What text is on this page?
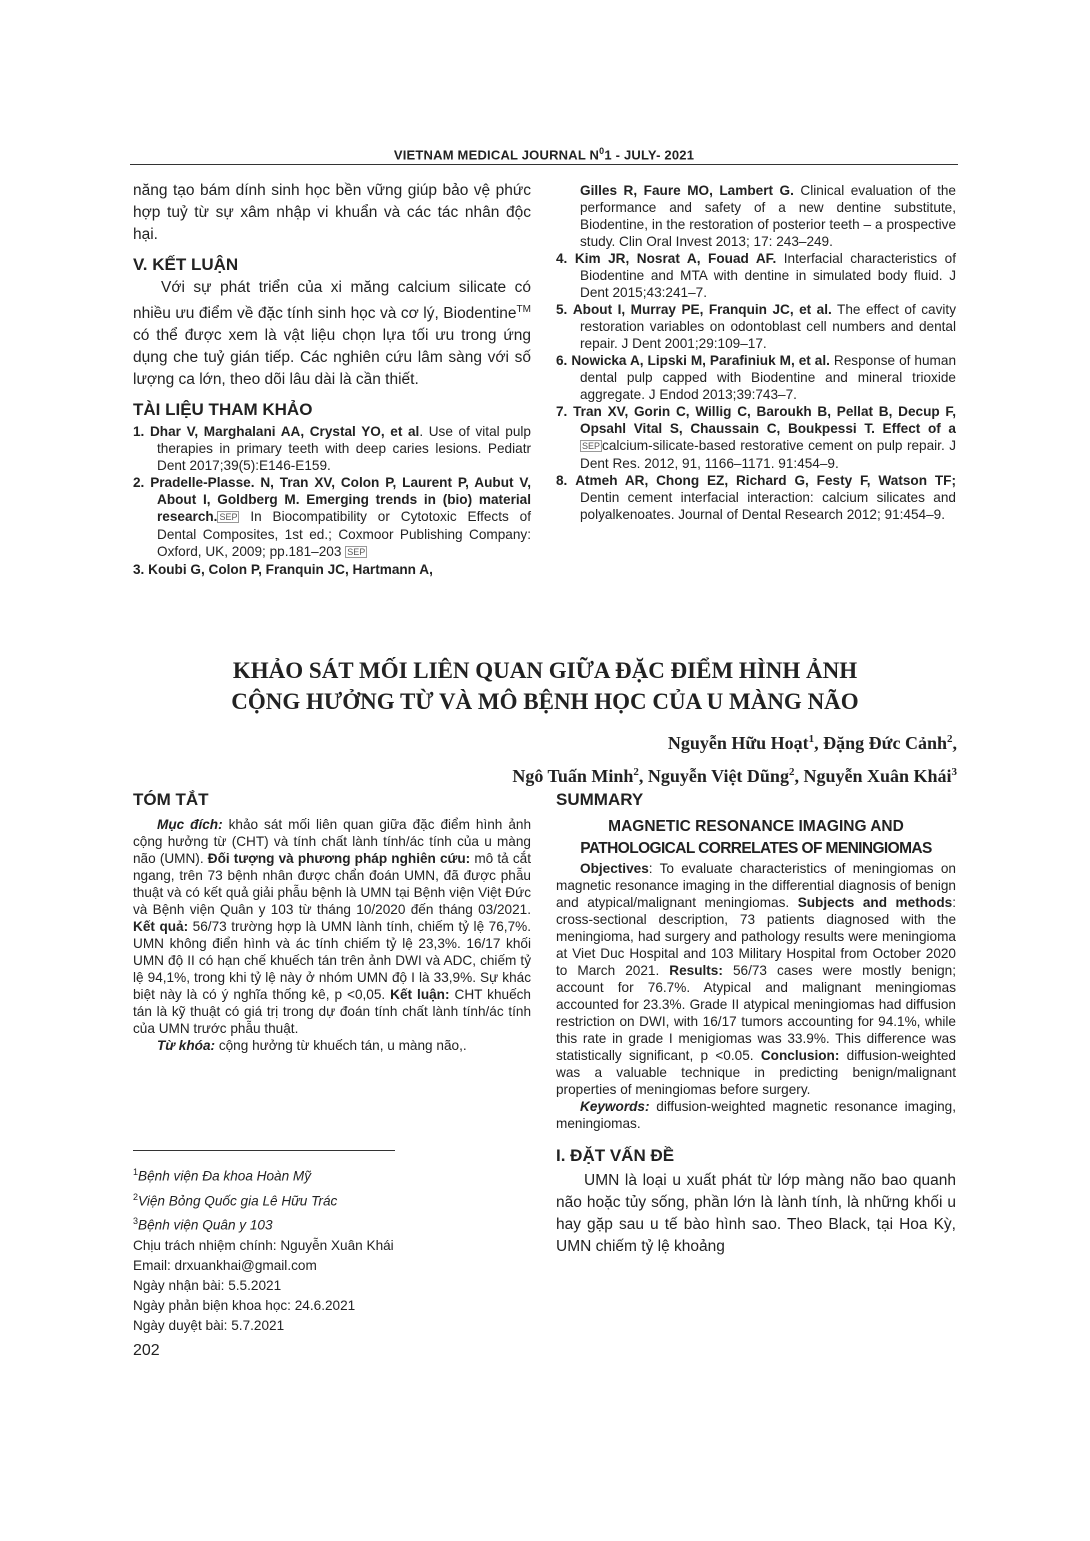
VIETNAM MEDICAL JOURNAL $N^01$ - JULY- 2021
năng tạo bám dính sinh học bền vững giúp bảo vệ phức hợp tuỷ từ sự xâm nhập vi khuẩn và các tác nhân độc hại.
V. KẾT LUẬN
Với sự phát triển của xi măng calcium silicate có nhiều ưu điểm về đặc tính sinh học và cơ lý, Biodentine™ có thể được xem là vật liệu chọn lựa tối ưu trong ứng dụng che tuỷ gián tiếp. Các nghiên cứu lâm sàng với số lượng ca lớn, theo dõi lâu dài là cần thiết.
TÀI LIỆU THAM KHẢO

1. Dhar V, Marghalani AA, Crystal YO, et al. Use of vital pulp therapies in primary teeth with deep caries lesions. Pediatr Dent 2017;39(5):E146-E159.

2. Pradelle-Plasse. N, Tran XV, Colon P, Laurent P, Aubut V, About I, Goldberg M. Emerging trends in (bio) material research. SEP In Biocompatibility or Cytotoxic Effects of Dental Composites, 1st ed.; Coxmoor Publishing Company: Oxford, UK, 2009; pp.181–203 SEP

3. Koubi G, Colon P, Franquin JC, Hartmann A,

Gilles R, Faure MO, Lambert G. Clinical evaluation of the performance and safety of a new dentine substitute, Biodentine, in the restoration of posterior teeth – a prospective study. Clin Oral Invest 2013; 17: 243–249.

4. Kim JR, Nosrat A, Fouad AF. Interfacial characteristics of Biodentine and MTA with dentine in simulated body fluid. J Dent 2015;43:241–7.

5. About I, Murray PE, Franquin JC, et al. The effect of cavity restoration variables on odontoblast cell numbers and dental repair. J Dent 2001;29:109–17.

6. Nowicka A, Lipski M, Parafiniuk M, et al. Response of human dental pulp capped with Biodentine and mineral trioxide aggregate. J Endod 2013;39:743–7.

7. Tran XV, Gorin C, Willig C, Baroukh B, Pellat B, Decup F, Opsahl Vital S, Chaussain C, Boukpessi T. Effect of a SEP calcium-silicate-based restorative cement on pulp repair. J Dent Res. 2012, 91, 1166–1171. 91:454–9.

8. Atmeh AR, Chong EZ, Richard G, Festy F, Watson TF; Dentin cement interfacial interaction: calcium silicates and polyalkenoates. Journal of Dental Research 2012; 91:454–9.

KHẢO SÁT MỐI LIÊN QUAN GIỮA ĐẶC ĐIỂM HÌNH ẢNH
CỘNG HƯỞNG TỪ VÀ MÔ BỆNH HỌC CỦA U MÀNG NÃO
Nguyễn Hữu Hoạt$^1$, Đặng Đức Cảnh$^2$,
Ngô Tuấn Minh$^2$, Nguyễn Việt Dũng$^2$, Nguyễn Xuân Khái$^3$
TÓM TẮT
Mục đích: khảo sát mối liên quan giữa đặc điểm hình ảnh cộng hưởng từ (CHT) và tính chất lành tính/ác tính của u màng não (UMN). Đối tượng và phương pháp nghiên cứu: mô tả cắt ngang, trên 73 bệnh nhân được chẩn đoán UMN, đã được phẫu thuật và có kết quả giải phẫu bệnh là UMN tại Bệnh viện Việt Đức và Bệnh viện Quân y 103 từ tháng 10/2020 đến tháng 03/2021. Kết quả: 56/73 trường hợp là UMN lành tính, chiếm tỷ lệ 76,7%. UMN không điển hình và ác tính chiếm tỷ lệ 23,3%. 16/17 khối UMN độ II có hạn chế khuếch tán trên ảnh DWI và ADC, chiếm tỷ lệ 94,1%, trong khi tỷ lệ này ở nhóm UMN độ I là 33,9%. Sự khác biệt này là có ý nghĩa thống kê, p <0,05. Kết luận: CHT khuếch tán là kỹ thuật có giá trị trong dự đoán tính chất lành tính/ác tính của UMN trước phẫu thuật.
Từ khóa: cộng hưởng từ khuếch tán, u màng não,.
$^1$Bệnh viện Đa khoa Hoàn Mỹ
$^2$Viện Bỏng Quốc gia Lê Hữu Trác
$^3$Bệnh viện Quân y 103
Chịu trách nhiệm chính: Nguyễn Xuân Khái
Email: drxuankhai@gmail.com
Ngày nhận bài: 5.5.2021
Ngày phản biện khoa học: 24.6.2021
Ngày duyệt bài: 5.7.2021
202
SUMMARY
MAGNETIC RESONANCE IMAGING AND
PATHOLOGICAL CORRELATES OF MENINGIOMAS
Objectives: To evaluate characteristics of meningiomas on magnetic resonance imaging in the differential diagnosis of benign and atypical/malignant meningiomas. Subjects and methods: cross-sectional description, 73 patients diagnosed with the meningioma, had surgery and pathology results were meningioma at Viet Duc Hospital and 103 Military Hospital from October 2020 to March 2021. Results: 56/73 cases were mostly benign; account for 76.7%. Atypical and malignant meningiomas accounted for 23.3%. Grade II atypical meningiomas had diffusion restriction on DWI, with 16/17 tumors accounting for 94.1%, while this rate in grade I menigiomas was 33.9%. This difference was statistically significant, p <0.05. Conclusion: diffusion-weighted was a valuable technique in predicting benign/malignant properties of meningiomas before surgery.
Keywords: diffusion-weighted magnetic resonance imaging, meningiomas.
I. ĐẶT VẤN ĐỀ
UMN là loại u xuất phát từ lớp màng não bao quanh não hoặc tủy sống, phần lớn là lành tính, là những khối u hay gặp sau u tế bào hình sao. Theo Black, tại Hoa Kỳ, UMN chiếm tỷ lệ khoảng
